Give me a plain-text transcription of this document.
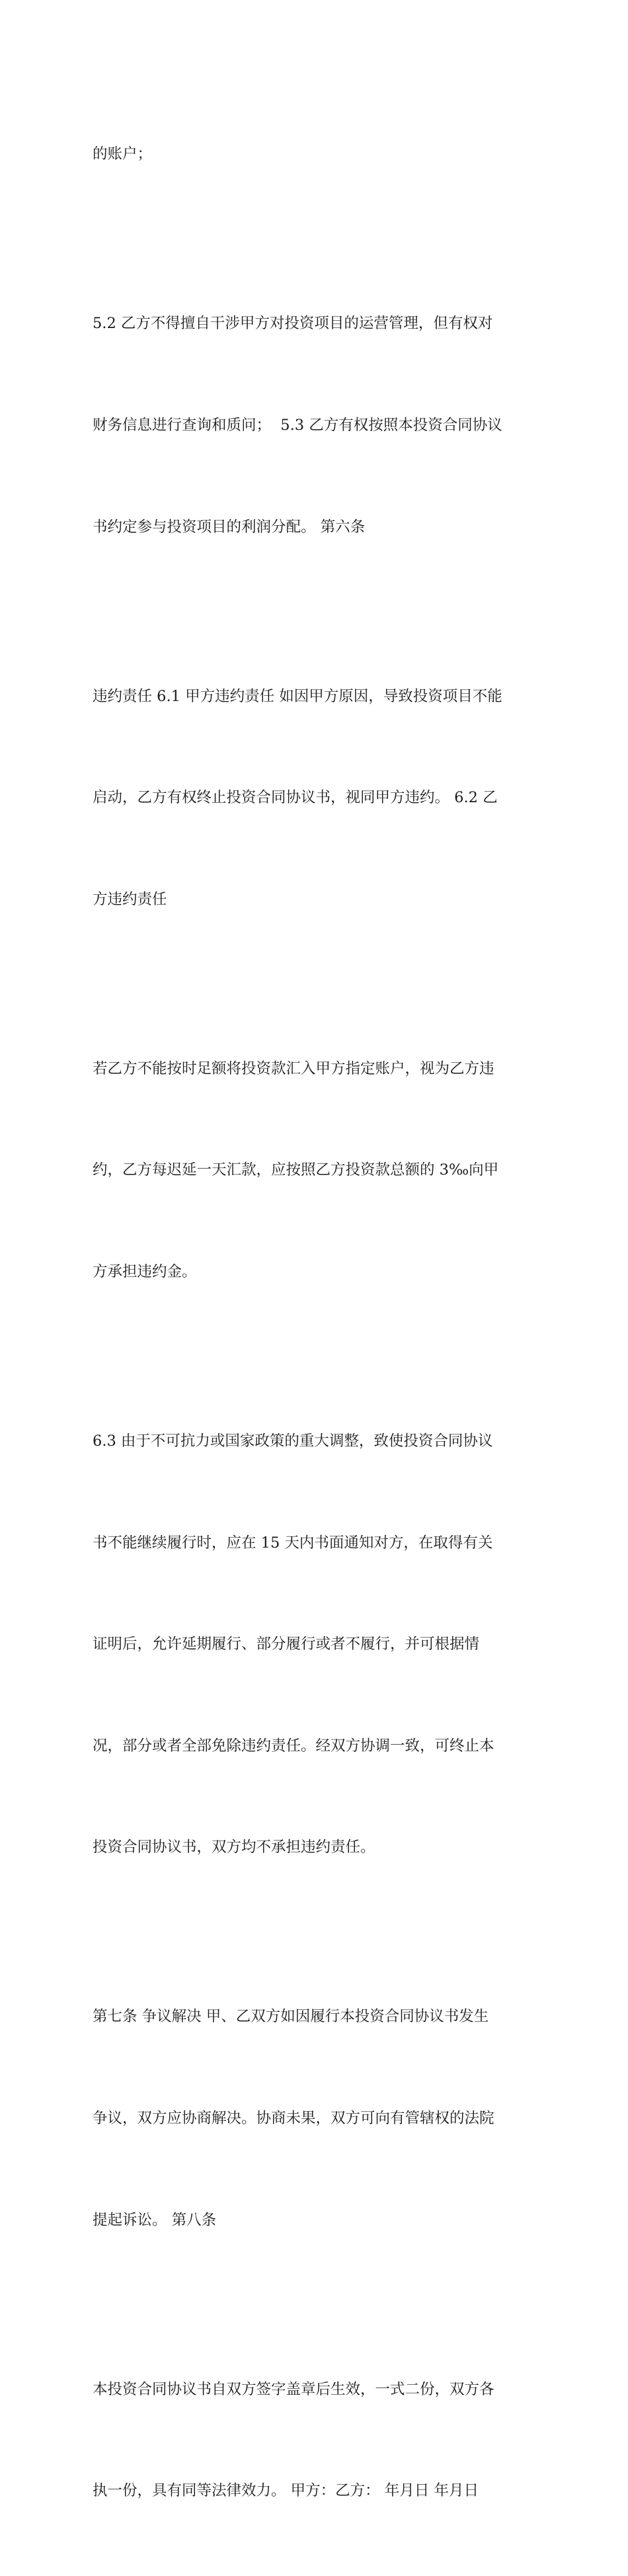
的账户；

5.2 乙方不得擅自干涉甲方对投资项目的运营管理，但有权对

财务信息进行查询和质问；  5.3 乙方有权按照本投资合同协议

书约定参与投资项目的利润分配。 第六条

违约责任 6.1 甲方违约责任 如因甲方原因，导致投资项目不能

启动，乙方有权终止投资合同协议书，视同甲方违约。 6.2 乙

方违约责任

若乙方不能按时足额将投资款汇入甲方指定账户，视为乙方违

约，乙方每迟延一天汇款，应按照乙方投资款总额的 3‰向甲

方承担违约金。

6.3 由于不可抗力或国家政策的重大调整，致使投资合同协议

书不能继续履行时，应在 15 天内书面通知对方，在取得有关

证明后，允许延期履行、部分履行或者不履行，并可根据情

况，部分或者全部免除违约责任。经双方协调一致，可终止本

投资合同协议书，双方均不承担违约责任。

第七条 争议解决 甲、乙双方如因履行本投资合同协议书发生

争议，双方应协商解决。协商未果，双方可向有管辖权的法院

提起诉讼。 第八条

本投资合同协议书自双方签字盖章后生效，一式二份，双方各

执一份，具有同等法律效力。 甲方：乙方： 年月日 年月日
